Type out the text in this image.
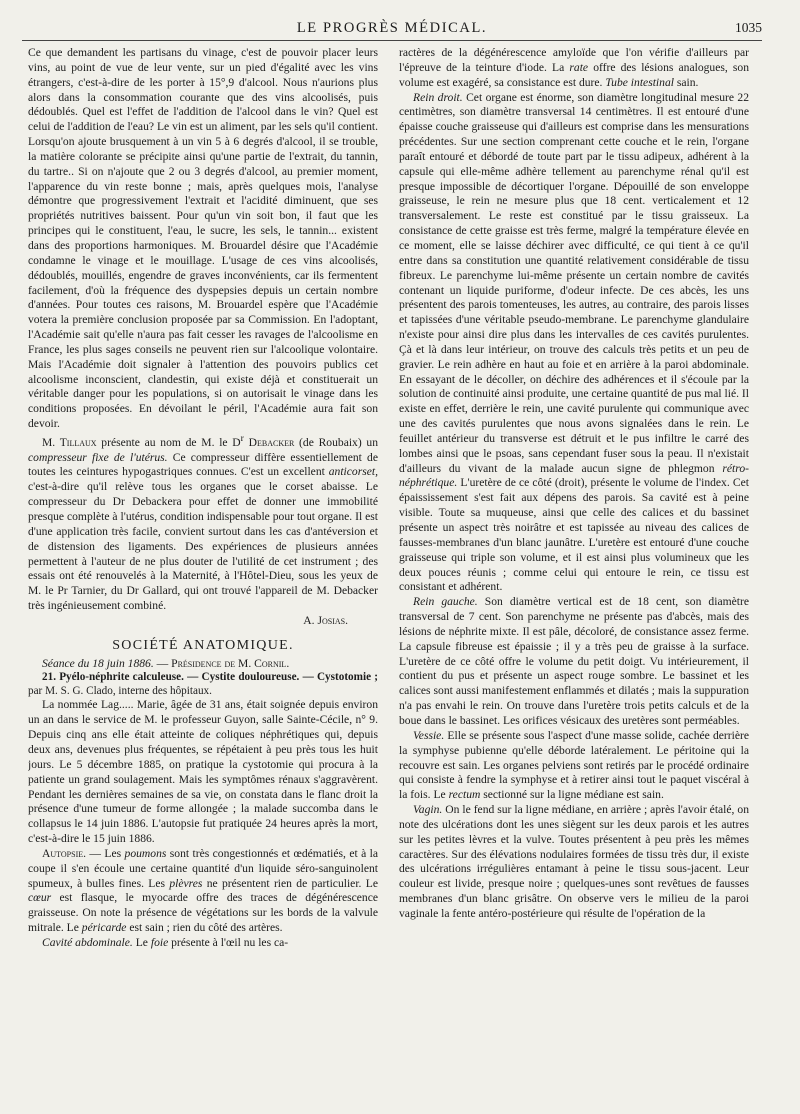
LE PROGRÈS MÉDICAL.	1035

Ce que demandent les partisans du vinage, c'est de pouvoir placer leurs vins, au point de vue de leur vente, sur un pied d'égalité avec les vins étrangers, c'est-à-dire de les porter à 15°,9 d'alcool. Nous n'aurions plus alors dans la consommation courante que des vins alcoolisés, puis dédoublés. Quel est l'effet de l'addition de l'alcool dans le vin? Quel est celui de l'addition de l'eau? Le vin est un aliment, par les sels qu'il contient. Lorsqu'on ajoute brusquement à un vin 5 à 6 degrés d'alcool, il se trouble, la matière colorante se précipite ainsi qu'une partie de l'extrait, du tannin, du tartre.. Si on n'ajoute que 2 ou 3 degrés d'alcool, au premier moment, l'apparence du vin reste bonne ; mais, après quelques mois, l'analyse démontre que progressivement l'extrait et l'acidité diminuent, que ses propriétés nutritives baissent. Pour qu'un vin soit bon, il faut que les principes qui le constituent, l'eau, le sucre, les sels, le tannin... existent dans des proportions harmoniques. M. Brouardel désire que l'Académie condamne le vinage et le mouillage. L'usage de ces vins alcoolisés, dédoublés, mouillés, engendre de graves inconvénients, car ils fermentent facilement, d'où la fréquence des dyspepsies depuis un certain nombre d'années. Pour toutes ces raisons, M. Brouardel espère que l'Académie votera la première conclusion proposée par sa Commission. En l'adoptant, l'Académie sait qu'elle n'aura pas fait cesser les ravages de l'alcoolisme en France, les plus sages conseils ne peuvent rien sur l'alcoolique volontaire. Mais l'Académie doit signaler à l'attention des pouvoirs publics cet alcoolisme inconscient, clandestin, qui existe déjà et constituerait un véritable danger pour les populations, si on autorisait le vinage dans les conditions proposées. En dévoilant le péril, l'Académie aura fait son devoir.

M. Tillaux présente au nom de M. le $D^r$ Debacker (de Roubaix) un compresseur fixe de l'utérus. Ce compresseur diffère essentiellement de toutes les ceintures hypogastriques connues. C'est un excellent anticorset, c'est-à-dire qu'il relève tous les organes que le corset abaisse. Le compresseur du Dr Debackera pour effet de donner une immobilité presque complète à l'utérus, condition indispensable pour tout organe. Il est d'une application très facile, convient surtout dans les cas d'antéversion et de distension des ligaments. Des expériences de plusieurs années permettent à l'auteur de ne plus douter de l'utilité de cet instrument ; des essais ont été renouvelés à la Maternité, à l'Hôtel-Dieu, sous les yeux de M. le Pr Tarnier, du Dr Gallard, qui ont trouvé l'appareil de M. Debacker très ingénieusement combiné.

A. Josias.

SOCIÉTÉ ANATOMIQUE.

Séance du 18 juin 1886. — Présidence de M. Cornil.

21. Pyélo-néphrite calculeuse. — Cystite douloureuse. — Cystotomie ; par M. S. G. Clado, interne des hôpitaux.

La nommée Lag..... Marie, âgée de 31 ans, était soignée depuis environ un an dans le service de M. le professeur Guyon, salle Sainte-Cécile, n° 9. Depuis cinq ans elle était atteinte de coliques néphrétiques qui, depuis deux ans, devenues plus fréquentes, se répétaient à peu près tous les huit jours. Le 5 décembre 1885, on pratique la cystotomie qui procura à la patiente un grand soulagement. Mais les symptômes rénaux s'aggravèrent. Pendant les dernières semaines de sa vie, on constata dans le flanc droit la présence d'une tumeur de forme allongée ; la malade succomba dans le collapsus le 14 juin 1886. L'autopsie fut pratiquée 24 heures après la mort, c'est-à-dire le 15 juin 1886.

Autopsie. — Les poumons sont très congestionnés et œdématiés, et à la coupe il s'en écoule une certaine quantité d'un liquide séro-sanguinolent spumeux, à bulles fines. Les plèvres ne présentent rien de particulier. Le cœur est flasque, le myocarde offre des traces de dégénérescence graisseuse. On note la présence de végétations sur les bords de la valvule mitrale. Le péricarde est sain ; rien du côté des artères.

Cavité abdominale. Le foie présente à l'œil nu les ca-

ractères de la dégénérescence amyloïde que l'on vérifie d'ailleurs par l'épreuve de la teinture d'iode. La rate offre des lésions analogues, son volume est exagéré, sa consistance est dure. Tube intestinal sain.

Rein droit. Cet organe est énorme, son diamètre longitudinal mesure 22 centimètres, son diamètre transversal 14 centimètres. Il est entouré d'une épaisse couche graisseuse qui d'ailleurs est comprise dans les mensurations précédentes. Sur une section comprenant cette couche et le rein, l'organe paraît entouré et débordé de toute part par le tissu adipeux, adhérent à la capsule qui elle-même adhère tellement au parenchyme rénal qu'il est presque impossible de décortiquer l'organe. Dépouillé de son enveloppe graisseuse, le rein ne mesure plus que 18 cent. verticalement et 12 transversalement. Le reste est constitué par le tissu graisseux. La consistance de cette graisse est très ferme, malgré la température élevée en ce moment, elle se laisse déchirer avec difficulté, ce qui tient à ce qu'il entre dans sa constitution une quantité relativement considérable de tissu fibreux. Le parenchyme lui-même présente un certain nombre de cavités contenant un liquide puriforme, d'odeur infecte. De ces abcès, les uns présentent des parois tomenteuses, les autres, au contraire, des parois lisses et tapissées d'une véritable pseudo-membrane. Le parenchyme glandulaire n'existe pour ainsi dire plus dans les intervalles de ces cavités purulentes. Çà et là dans leur intérieur, on trouve des calculs très petits et un peu de gravier. Le rein adhère en haut au foie et en arrière à la paroi abdominale. En essayant de le décoller, on déchire des adhérences et il s'écoule par la solution de continuité ainsi produite, une certaine quantité de pus mal lié. Il existe en effet, derrière le rein, une cavité purulente qui communique avec une des cavités purulentes que nous avons signalées dans le rein. Le feuillet antérieur du transverse est détruit et le pus infiltre le carré des lombes ainsi que le psoas, sans cependant fuser sous la peau. Il n'existait d'ailleurs du vivant de la malade aucun signe de phlegmon rétro-néphrétique. L'uretère de ce côté (droit), présente le volume de l'index. Cet épaississement s'est fait aux dépens des parois. Sa cavité est à peine visible. Toute sa muqueuse, ainsi que celle des calices et du bassinet présente un aspect très noirâtre et est tapissée au niveau des calices de fausses-membranes d'un blanc jaunâtre. L'uretère est entouré d'une couche graisseuse qui triple son volume, et il est ainsi plus volumineux que les deux pouces réunis ; comme celui qui entoure le rein, ce tissu est consistant et adhérent.

Rein gauche. Son diamètre vertical est de 18 cent, son diamètre transversal de 7 cent. Son parenchyme ne présente pas d'abcès, mais des lésions de néphrite mixte. Il est pâle, décoloré, de consistance assez ferme. La capsule fibreuse est épaissie ; il y a très peu de graisse à la surface. L'uretère de ce côté offre le volume du petit doigt. Vu intérieurement, il contient du pus et présente un aspect rouge sombre. Le bassinet et les calices sont aussi manifestement enflammés et dilatés ; mais la suppuration n'a pas envahi le rein. On trouve dans l'uretère trois petits calculs et de la boue dans le bassinet. Les orifices vésicaux des uretères sont perméables.

Vessie. Elle se présente sous l'aspect d'une masse solide, cachée derrière la symphyse pubienne qu'elle déborde latéralement. Le péritoine qui la recouvre est sain. Les organes pelviens sont retirés par le procédé ordinaire qui consiste à fendre la symphyse et à retirer ainsi tout le paquet viscéral à la fois. Le rectum sectionné sur la ligne médiane est sain.

Vagin. On le fend sur la ligne médiane, en arrière ; après l'avoir étalé, on note des ulcérations dont les unes siègent sur les deux parois et les autres sur les petites lèvres et la vulve. Toutes présentent à peu près les mêmes caractères. Sur des élévations nodulaires formées de tissu très dur, il existe des ulcérations irrégulières entamant à peine le tissu sous-jacent. Leur couleur est livide, presque noire ; quelques-unes sont revêtues de fausses membranes d'un blanc grisâtre. On observe vers le milieu de la paroi vaginale la fente antéro-postérieure qui résulte de l'opération de la
